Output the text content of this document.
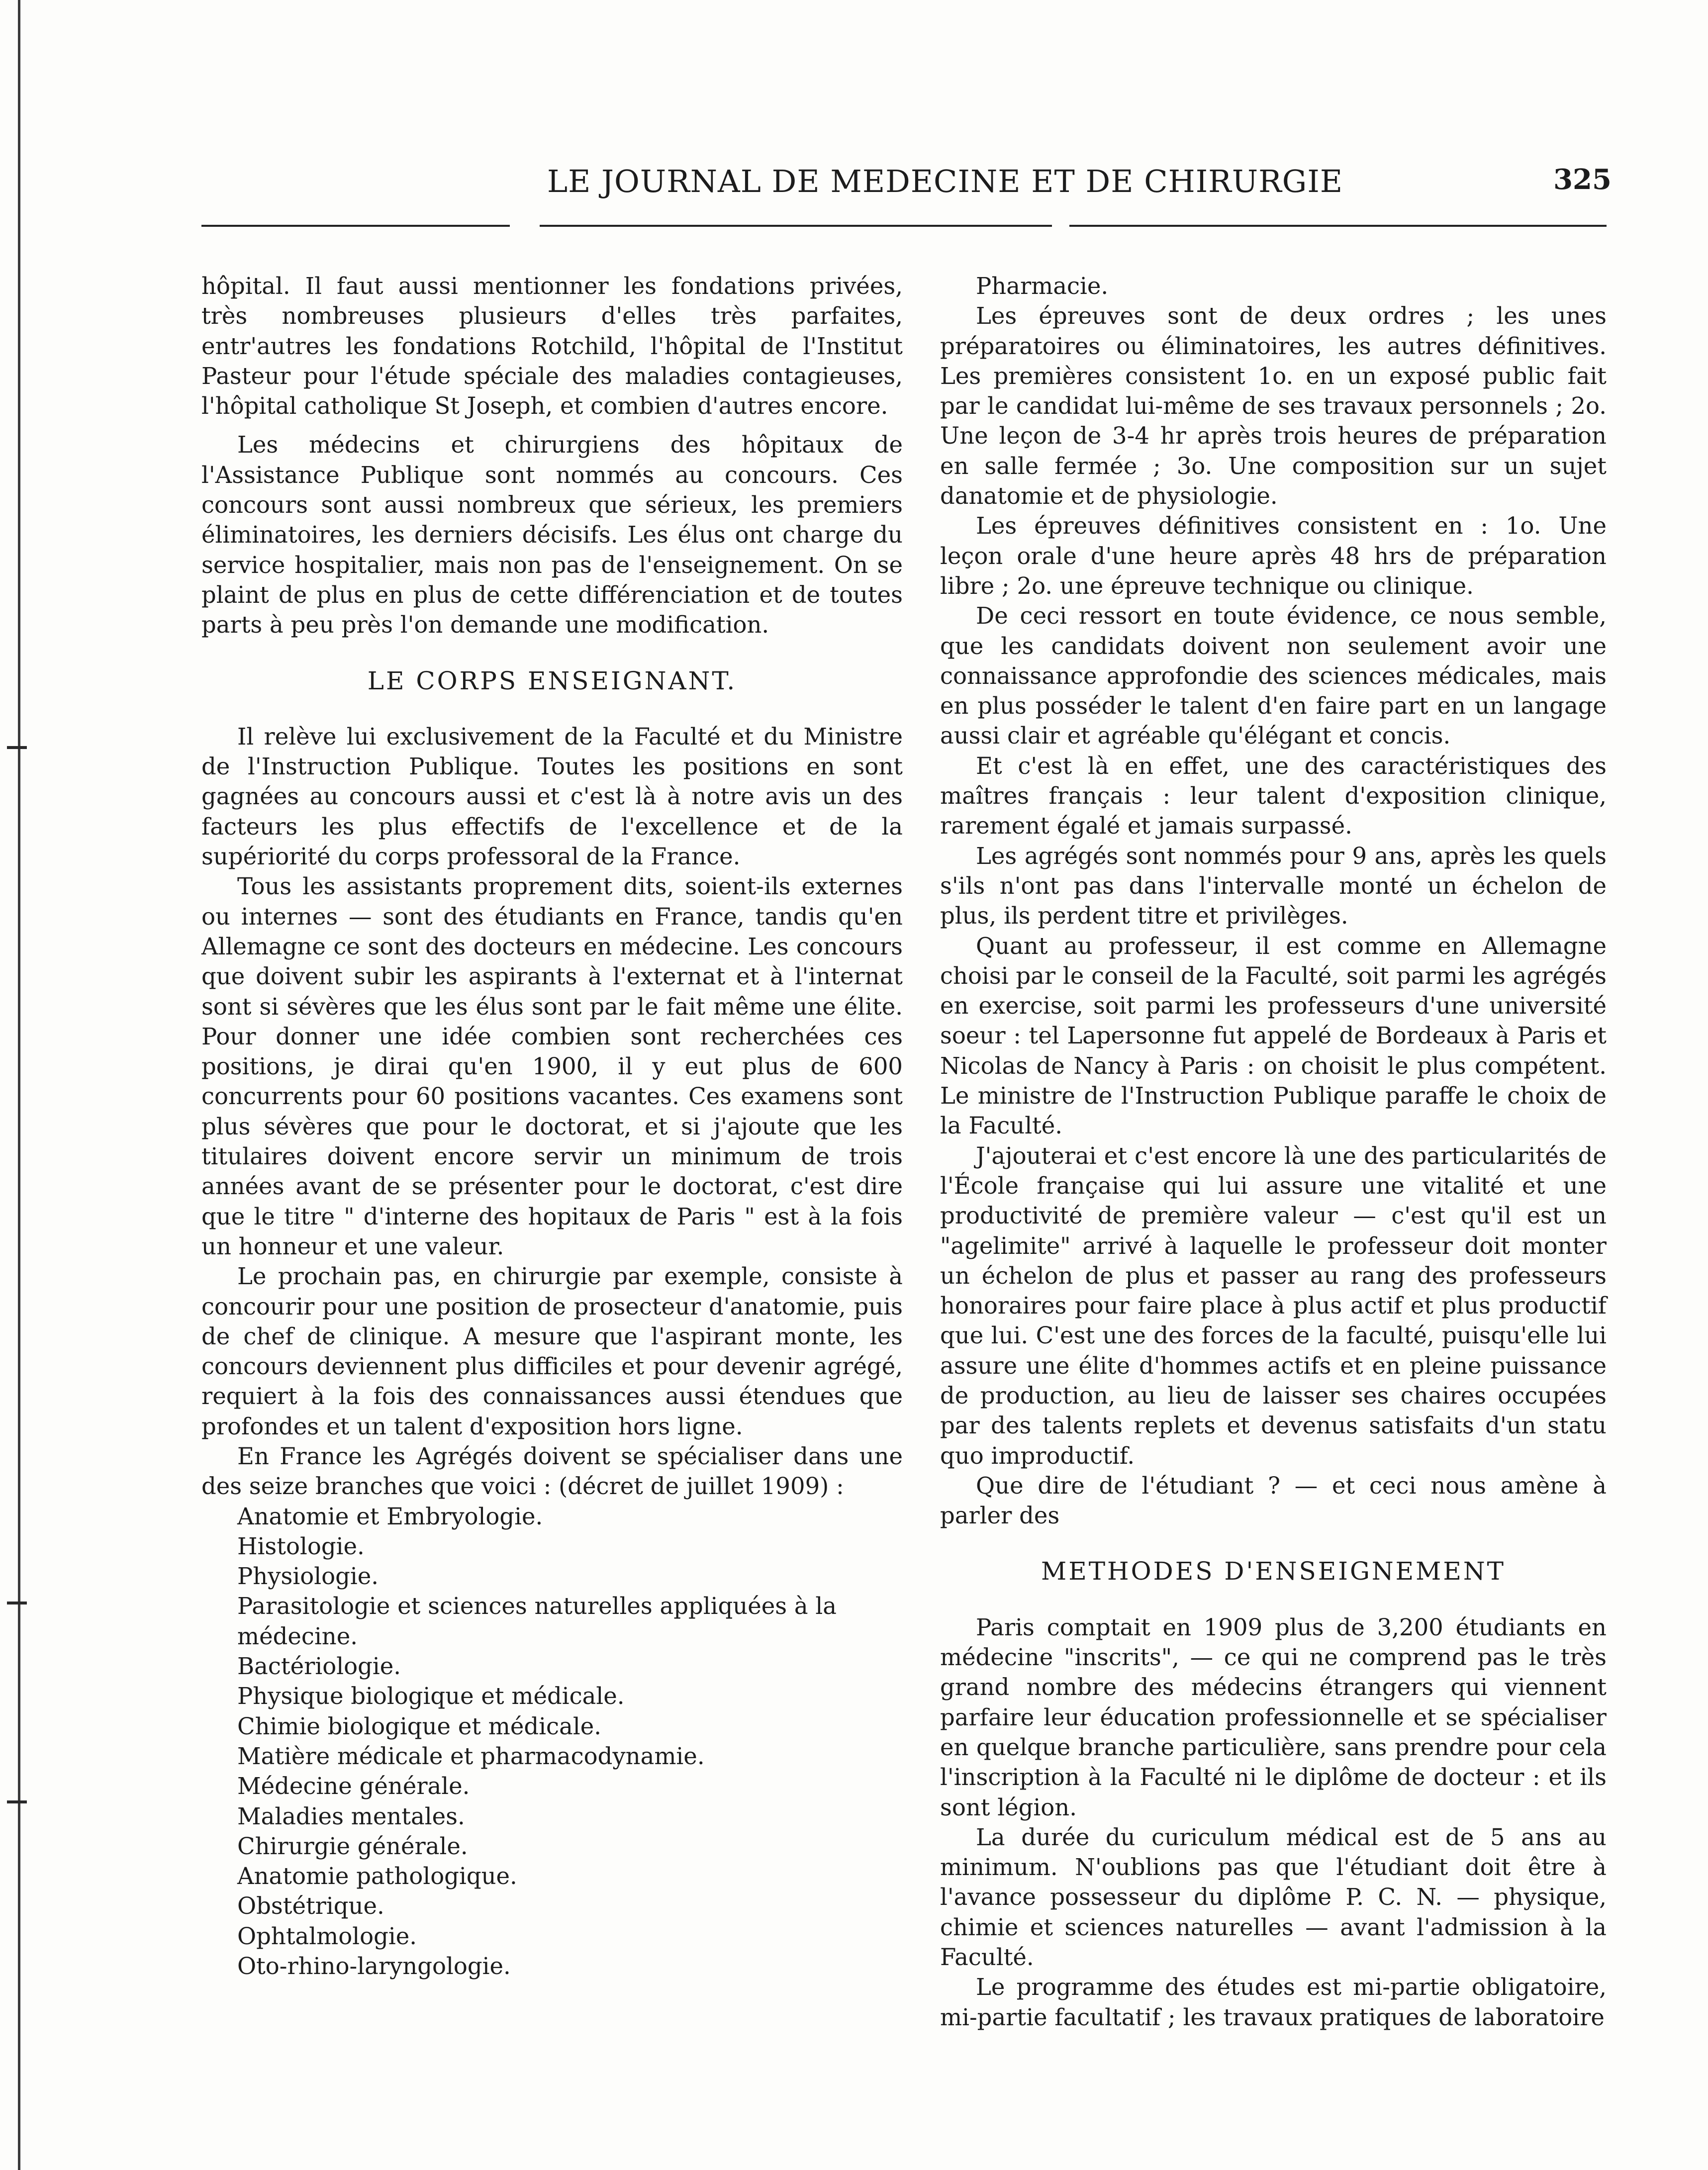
LE JOURNAL DE MEDECINE ET DE CHIRURGIE	325

hôpital. Il faut aussi mentionner les fondations privées, très nombreuses plusieurs d'elles très parfaites, entr'autres les fondations Rotchild, l'hôpital de l'Institut Pasteur pour l'étude spéciale des maladies contagieuses, l'hôpital catholique St Joseph, et combien d'autres encore.

Les médecins et chirurgiens des hôpitaux de l'Assistance Publique sont nommés au concours. Ces concours sont aussi nombreux que sérieux, les premiers éliminatoires, les derniers décisifs. Les élus ont charge du service hospitalier, mais non pas de l'enseignement. On se plaint de plus en plus de cette différenciation et de toutes parts à peu près l'on demande une modification.

LE CORPS ENSEIGNANT.

Il relève lui exclusivement de la Faculté et du Ministre de l'Instruction Publique. Toutes les positions en sont gagnées au concours aussi et c'est là à notre avis un des facteurs les plus effectifs de l'excellence et de la supériorité du corps professoral de la France.

Tous les assistants proprement dits, soient-ils externes ou internes — sont des étudiants en France, tandis qu'en Allemagne ce sont des docteurs en médecine. Les concours que doivent subir les aspirants à l'externat et à l'internat sont si sévères que les élus sont par le fait même une élite. Pour donner une idée combien sont recherchées ces positions, je dirai qu'en 1900, il y eut plus de 600 concurrents pour 60 positions vacantes. Ces examens sont plus sévères que pour le doctorat, et si j'ajoute que les titulaires doivent encore servir un minimum de trois années avant de se présenter pour le doctorat, c'est dire que le titre " d'interne des hopitaux de Paris " est à la fois un honneur et une valeur.

Le prochain pas, en chirurgie par exemple, consiste à concourir pour une position de prosecteur d'anatomie, puis de chef de clinique. A mesure que l'aspirant monte, les concours deviennent plus difficiles et pour devenir agrégé, requiert à la fois des connaissances aussi étendues que profondes et un talent d'exposition hors ligne.

En France les Agrégés doivent se spécialiser dans une des seize branches que voici : (décret de juillet 1909) :

Anatomie et Embryologie.
Histologie.
Physiologie.
Parasitologie et sciences naturelles appliquées à la médecine.
Bactériologie.
Physique biologique et médicale.
Chimie biologique et médicale.
Matière médicale et pharmacodynamie.
Médecine générale.
Maladies mentales.
Chirurgie générale.
Anatomie pathologique.
Obstétrique.
Ophtalmologie.
Oto-rhino-laryngologie.

Pharmacie.

Les épreuves sont de deux ordres ; les unes préparatoires ou éliminatoires, les autres définitives. Les premières consistent 1o. en un exposé public fait par le candidat lui-même de ses travaux personnels ; 2o. Une leçon de 3-4 hr après trois heures de préparation en salle fermée ; 3o. Une composition sur un sujet danatomie et de physiologie.

Les épreuves définitives consistent en : 1o. Une leçon orale d'une heure après 48 hrs de préparation libre ; 2o. une épreuve technique ou clinique.

De ceci ressort en toute évidence, ce nous semble, que les candidats doivent non seulement avoir une connaissance approfondie des sciences médicales, mais en plus posséder le talent d'en faire part en un langage aussi clair et agréable qu'élégant et concis.

Et c'est là en effet, une des caractéristiques des maîtres français : leur talent d'exposition clinique, rarement égalé et jamais surpassé.

Les agrégés sont nommés pour 9 ans, après les quels s'ils n'ont pas dans l'intervalle monté un échelon de plus, ils perdent titre et privilèges.

Quant au professeur, il est comme en Allemagne choisi par le conseil de la Faculté, soit parmi les agrégés en exercise, soit parmi les professeurs d'une université soeur : tel Lapersonne fut appelé de Bordeaux à Paris et Nicolas de Nancy à Paris : on choisit le plus compétent. Le ministre de l'Instruction Publique paraffe le choix de la Faculté.

J'ajouterai et c'est encore là une des particularités de l'École française qui lui assure une vitalité et une productivité de première valeur — c'est qu'il est un "agelimite" arrivé à laquelle le professeur doit monter un échelon de plus et passer au rang des professeurs honoraires pour faire place à plus actif et plus productif que lui. C'est une des forces de la faculté, puisqu'elle lui assure une élite d'hommes actifs et en pleine puissance de production, au lieu de laisser ses chaires occupées par des talents replets et devenus satisfaits d'un statu quo improductif.

Que dire de l'étudiant ? — et ceci nous amène à parler des

METHODES D'ENSEIGNEMENT

Paris comptait en 1909 plus de 3,200 étudiants en médecine "inscrits", — ce qui ne comprend pas le très grand nombre des médecins étrangers qui viennent parfaire leur éducation professionnelle et se spécialiser en quelque branche particulière, sans prendre pour cela l'inscription à la Faculté ni le diplôme de docteur : et ils sont légion.

La durée du curiculum médical est de 5 ans au minimum. N'oublions pas que l'étudiant doit être à l'avance possesseur du diplôme P. C. N. — physique, chimie et sciences naturelles — avant l'admission à la Faculté.

Le programme des études est mi-partie obligatoire, mi-partie facultatif ; les travaux pratiques de laboratoire
